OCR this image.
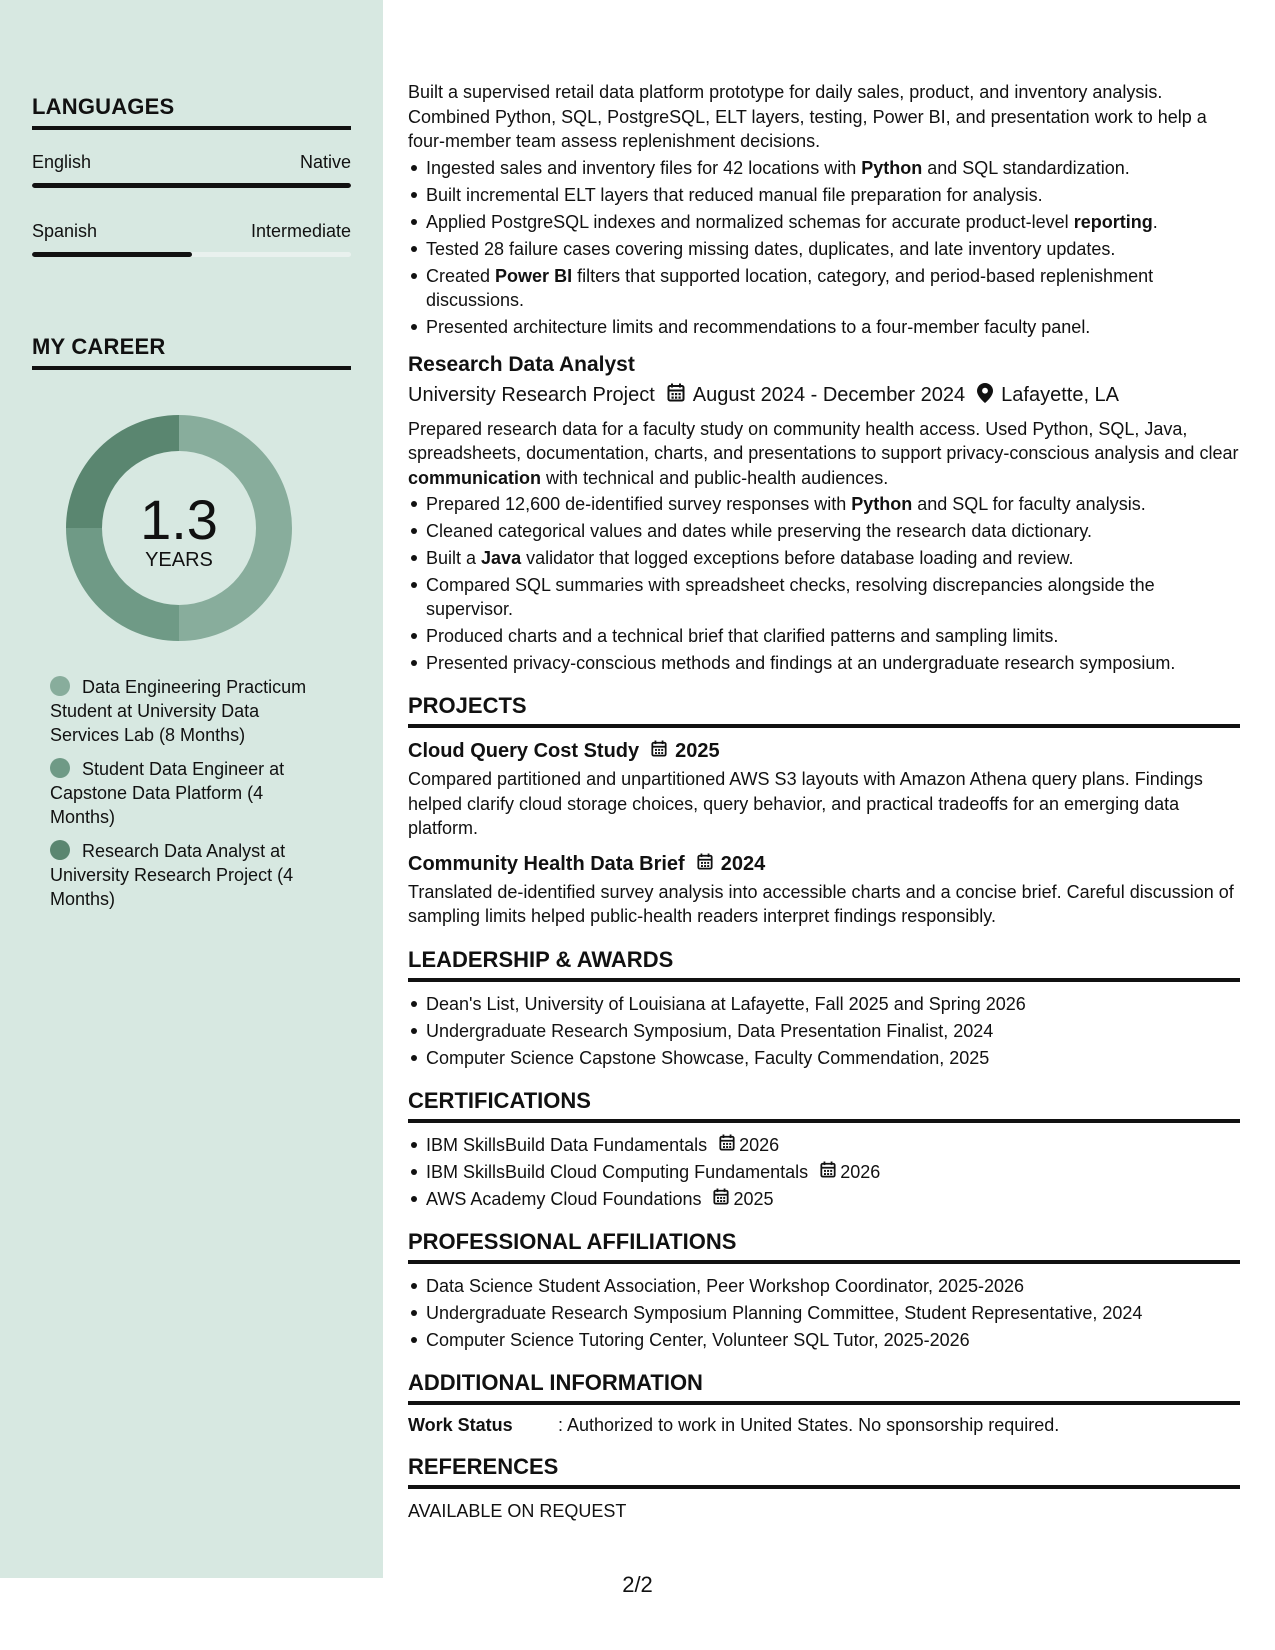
LANGUAGES
English	Native
Spanish	Intermediate
MY CAREER
1.3
YEARS
Data Engineering Practicum Student at University Data Services Lab (8 Months)
Student Data Engineer at Capstone Data Platform (4 Months)
Research Data Analyst at University Research Project (4 Months)

Built a supervised retail data platform prototype for daily sales, product, and inventory analysis. Combined Python, SQL, PostgreSQL, ELT layers, testing, Power BI, and presentation work to help a four-member team assess replenishment decisions.

Ingested sales and inventory files for 42 locations with Python and SQL standardization.
Built incremental ELT layers that reduced manual file preparation for analysis.
Applied PostgreSQL indexes and normalized schemas for accurate product-level reporting.
Tested 28 failure cases covering missing dates, duplicates, and late inventory updates.
Created Power BI filters that supported location, category, and period-based replenishment discussions.
Presented architecture limits and recommendations to a four-member faculty panel.
Research Data Analyst
University Research Project August 2024 - December 2024 Lafayette, LA

Prepared research data for a faculty study on community health access. Used Python, SQL, Java, spreadsheets, documentation, charts, and presentations to support privacy-conscious analysis and clear communication with technical and public-health audiences.

Prepared 12,600 de-identified survey responses with Python and SQL for faculty analysis.
Cleaned categorical values and dates while preserving the research data dictionary.
Built a Java validator that logged exceptions before database loading and review.
Compared SQL summaries with spreadsheet checks, resolving discrepancies alongside the supervisor.
Produced charts and a technical brief that clarified patterns and sampling limits.
Presented privacy-conscious methods and findings at an undergraduate research symposium.
PROJECTS
Cloud Query Cost Study 2025

Compared partitioned and unpartitioned AWS S3 layouts with Amazon Athena query plans. Findings helped clarify cloud storage choices, query behavior, and practical tradeoffs for an emerging data platform.

Community Health Data Brief 2024

Translated de-identified survey analysis into accessible charts and a concise brief. Careful discussion of sampling limits helped public-health readers interpret findings responsibly.

LEADERSHIP & AWARDS
Dean's List, University of Louisiana at Lafayette, Fall 2025 and Spring 2026
Undergraduate Research Symposium, Data Presentation Finalist, 2024
Computer Science Capstone Showcase, Faculty Commendation, 2025
CERTIFICATIONS
IBM SkillsBuild Data Fundamentals 2026
IBM SkillsBuild Cloud Computing Fundamentals 2026
AWS Academy Cloud Foundations 2025
PROFESSIONAL AFFILIATIONS
Data Science Student Association, Peer Workshop Coordinator, 2025-2026
Undergraduate Research Symposium Planning Committee, Student Representative, 2024
Computer Science Tutoring Center, Volunteer SQL Tutor, 2025-2026
ADDITIONAL INFORMATION
Work Status	: Authorized to work in United States. No sponsorship required.
REFERENCES
AVAILABLE ON REQUEST
2/2
